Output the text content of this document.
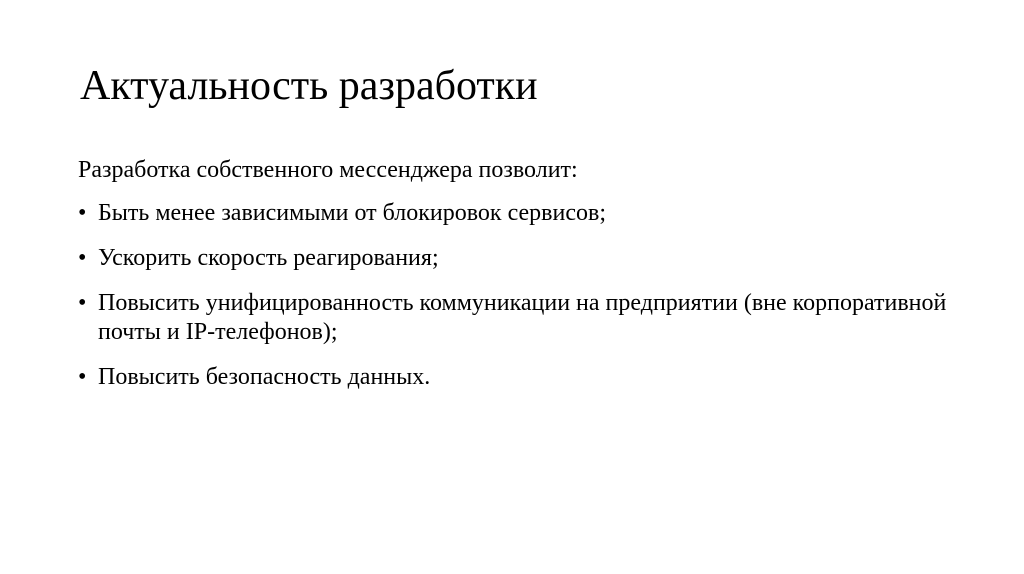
Актуальность разработки

Разработка собственного мессенджера позволит:

• Быть менее зависимыми от блокировок сервисов;
• Ускорить скорость реагирования;
• Повысить унифицированность коммуникации на предприятии (вне корпоративной почты и IP-телефонов);
• Повысить безопасность данных.
